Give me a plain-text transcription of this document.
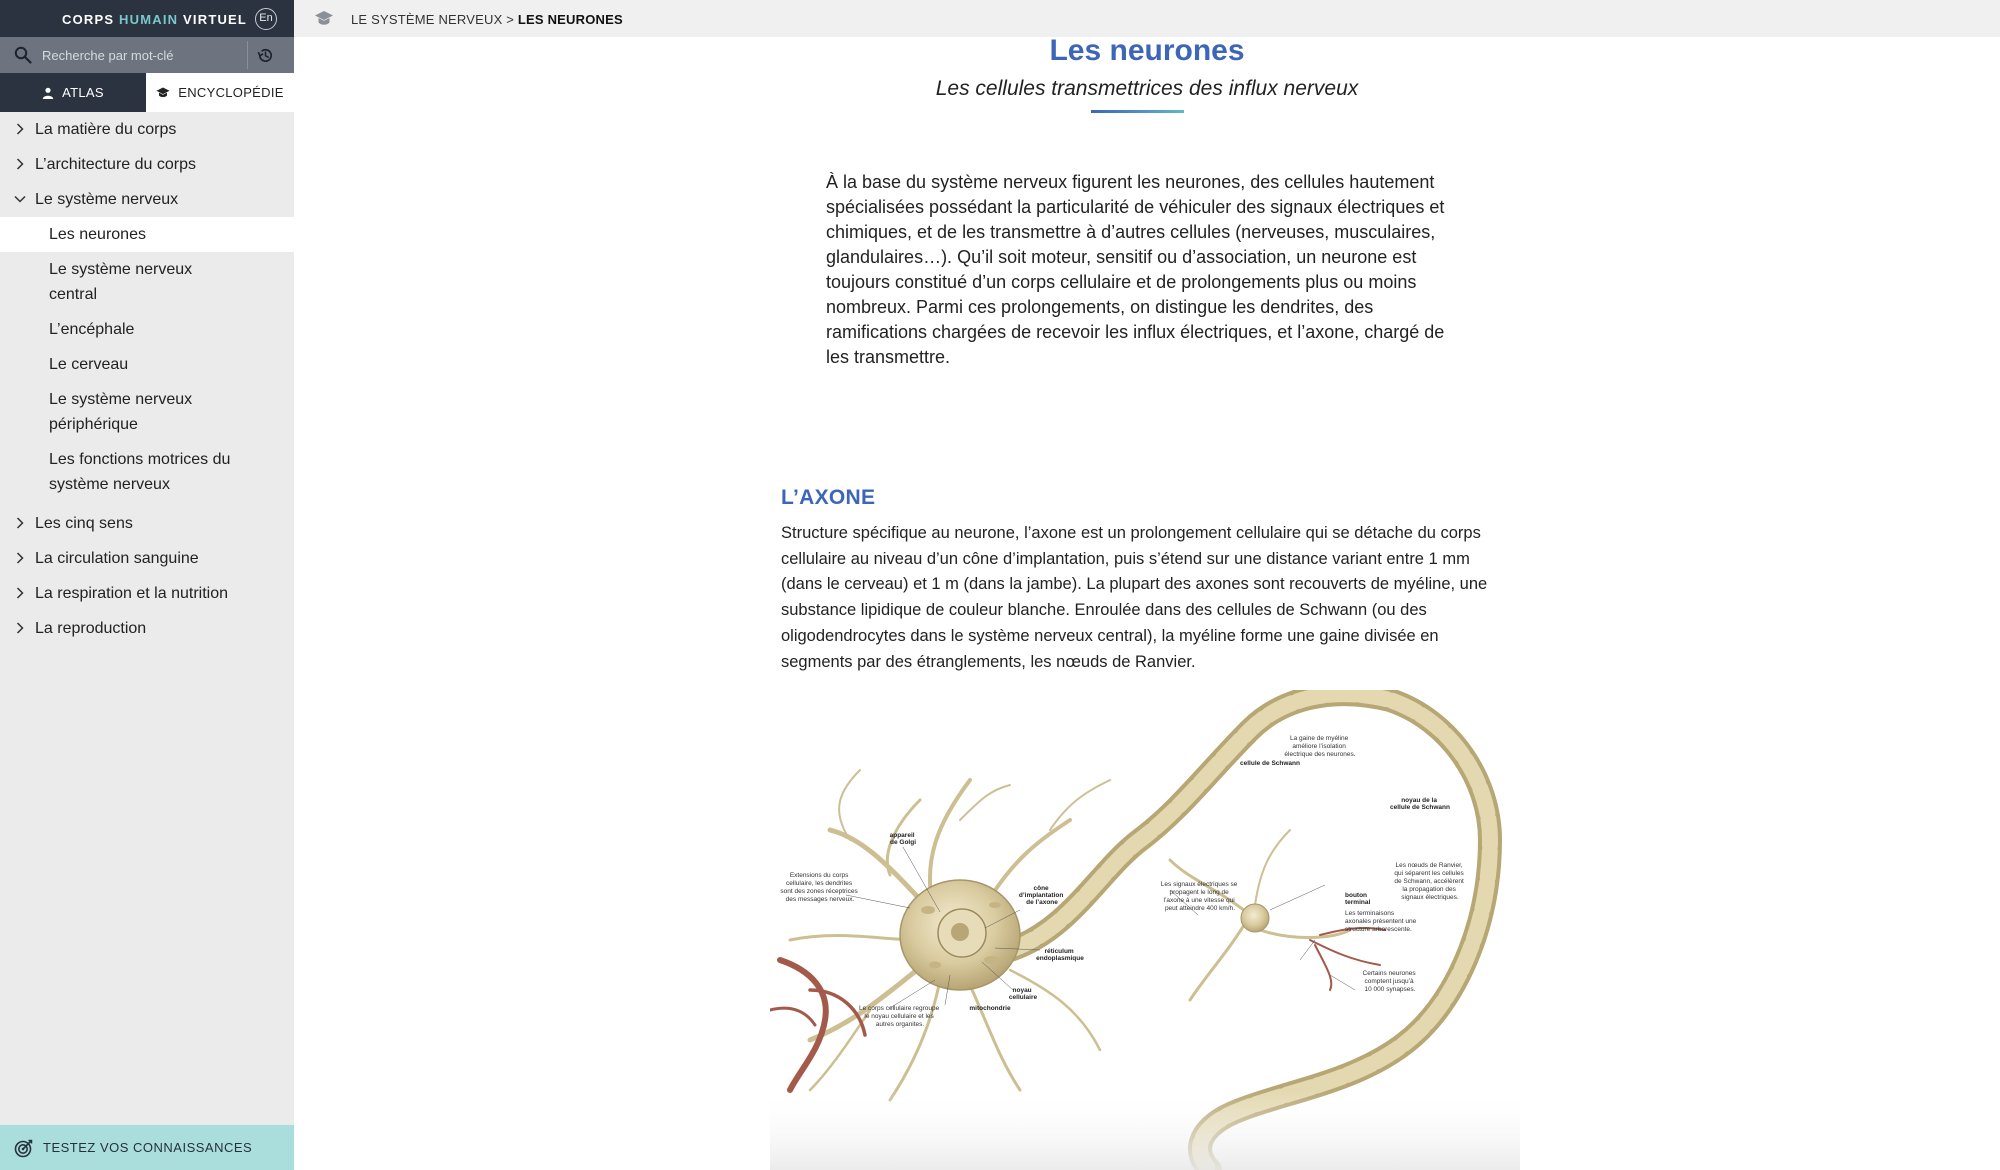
CORPS HUMAIN VIRTUEL	En
Recherche par mot-clé
ATLAS	ENCYCLOPÉDIE
La matière du corps
L’architecture du corps
Le système nerveux
Les neurones
Le système nerveux central
L’encéphale
Le cerveau
Le système nerveux périphérique
Les fonctions motrices du système nerveux
Les cinq sens
La circulation sanguine
La respiration et la nutrition
La reproduction
TESTEZ VOS CONNAISSANCES
LE SYSTÈME NERVEUX > LES NEURONES
Les neurones
Les cellules transmettrices des influx nerveux

À la base du système nerveux figurent les neurones, des cellules hautement spécialisées possédant la particularité de véhiculer des signaux électriques et chimiques, et de les transmettre à d’autres cellules (nerveuses, musculaires, glandulaires…). Qu’il soit moteur, sensitif ou d’association, un neurone est toujours constitué d’un corps cellulaire et de prolongements plus ou moins nombreux. Parmi ces prolongements, on distingue les dendrites, des ramifications chargées de recevoir les influx électriques, et l’axone, chargé de les transmettre.

L’AXONE

Structure spécifique au neurone, l’axone est un prolongement cellulaire qui se détache du corps cellulaire au niveau d’un cône d’implantation, puis s’étend sur une distance variant entre 1 mm (dans le cerveau) et 1 m (dans la jambe). La plupart des axones sont recouverts de myéline, une substance lipidique de couleur blanche. Enroulée dans des cellules de Schwann (ou des oligodendrocytes dans le système nerveux central), la myéline forme une gaine divisée en segments par des étranglements, les nœuds de Ranvier.

appareil de Golgi
Extensions du corps cellulaire, les dendrites sont des zones réceptrices des messages nerveux.
cône d’implantation de l’axone
réticulum endoplasmique
noyau cellulaire
Le corps cellulaire regroupe le noyau cellulaire et les autres organites.
mitochondrie
Les signaux électriques se propagent le long de l’axone à une vitesse qui peut atteindre 400 km/h.
La gaine de myéline améliore l’isolation électrique des neurones.
cellule de Schwann
noyau de la cellule de Schwann
Les nœuds de Ranvier, qui séparent les cellules de Schwann, accélèrent la propagation des signaux électriques.
bouton terminal
Les terminaisons axonales présentent une structure arborescente.
Certains neurones comptent jusqu’à 10 000 synapses.
